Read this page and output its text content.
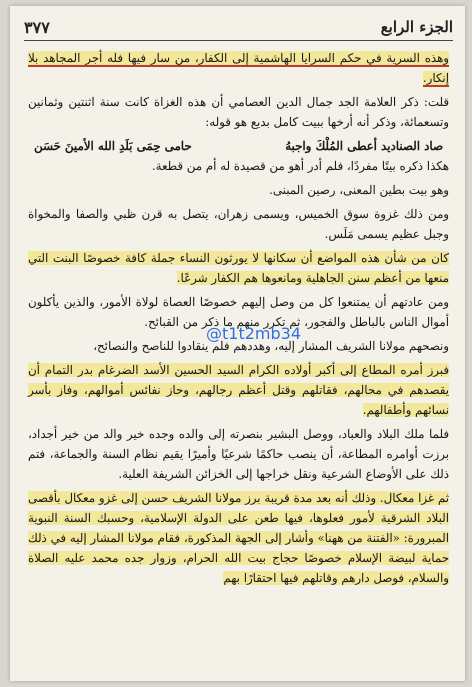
٣٧٧	الجزء الرابع

وهذه السرية في حكم السرايا الهاشمية إلى الكفار، من سار فيها فله أجر المجاهد بلا إنكار.

قلت: ذكر العلامة الجد جمال الدين العصامي أن هذه الغزاة كانت سنة اثنتين وثمانين وتسعمائة، وذكر أنه أرخها ببيت كامل بديع هو قوله:

صاد الصناديد أعطى المُلْكَ واجبهُ
حامى حِمَى بَلَدِ الله الأمينَ حَسَن

هكذا ذكره بيتًا مفردًا، فلم أدر أهو من قصيدة له أم من قطعة.

وهو بيت بطين المعنى، رصين المبنى.

ومن ذلك غزوة سوق الخميس، ويسمى زهران، يتصل به قرن ظبي والصفا والمخواة وجبل عظيم يسمى مَلَس.

كان من شأن هذه المواضع أن سكانها لا يورثون النساء جملة كافة خصوصًا البنت التي منعها من أعظم سنن الجاهلية ومانعوها هم الكفار شرعًا.

ومن عادتهم أن يمتنعوا كل من وصل إليهم خصوصًا العصاة لولاة الأمور، والذين يأكلون أموال الناس بالباطل والفجور، ثم تكرر منهم ما ذكر من القبائح.

ونصحهم مولانا الشريف المشار إليه، وهددهم فلم ينقادوا للناصح والنصائح،

فبرز أمره المطاع إلى أكبر أولاده الكرام السيد الحسين الأسد الضرغام بدر التمام أن يقصدهم في محالهم، فقاتلهم وقتل أعظم رجالهم، وحاز نفائس أموالهم، وفاز بأسر نسائهم وأطفالهم.

فلما ملك البلاد والعباد، ووصل البشير بنصرته إلى والده وجده خير والد من خير أجداد، برزت أوامره المطاعة، أن ينصب حاكمًا شرعيًا وأميرًا يقيم نظام السنة والجماعة، فتم ذلك على الأوضاع الشرعية ونقل خراجها إلى الخزائن الشريفة العلية.

ثم غزا معكال. وذلك أنه بعد مدة قريبة برز مولانا الشريف حسن إلى غزو معكال بأقصى البلاد الشرقية لأمور فعلوها، فيها طعن على الدولة الإسلامية، وحسبك السنة النبوية المبرورة: «الفتنة من ههنا» وأشار إلى الجهة المذكورة، فقام مولانا المشار إليه في ذلك حماية لبيضة الإسلام خصوصًا حجاج بيت الله الحرام، وزوار جده محمد عليه الصلاة والسلام، فوصل دارهم وقاتلهم فيها احتقارًا بهم

@t1t2mb34
